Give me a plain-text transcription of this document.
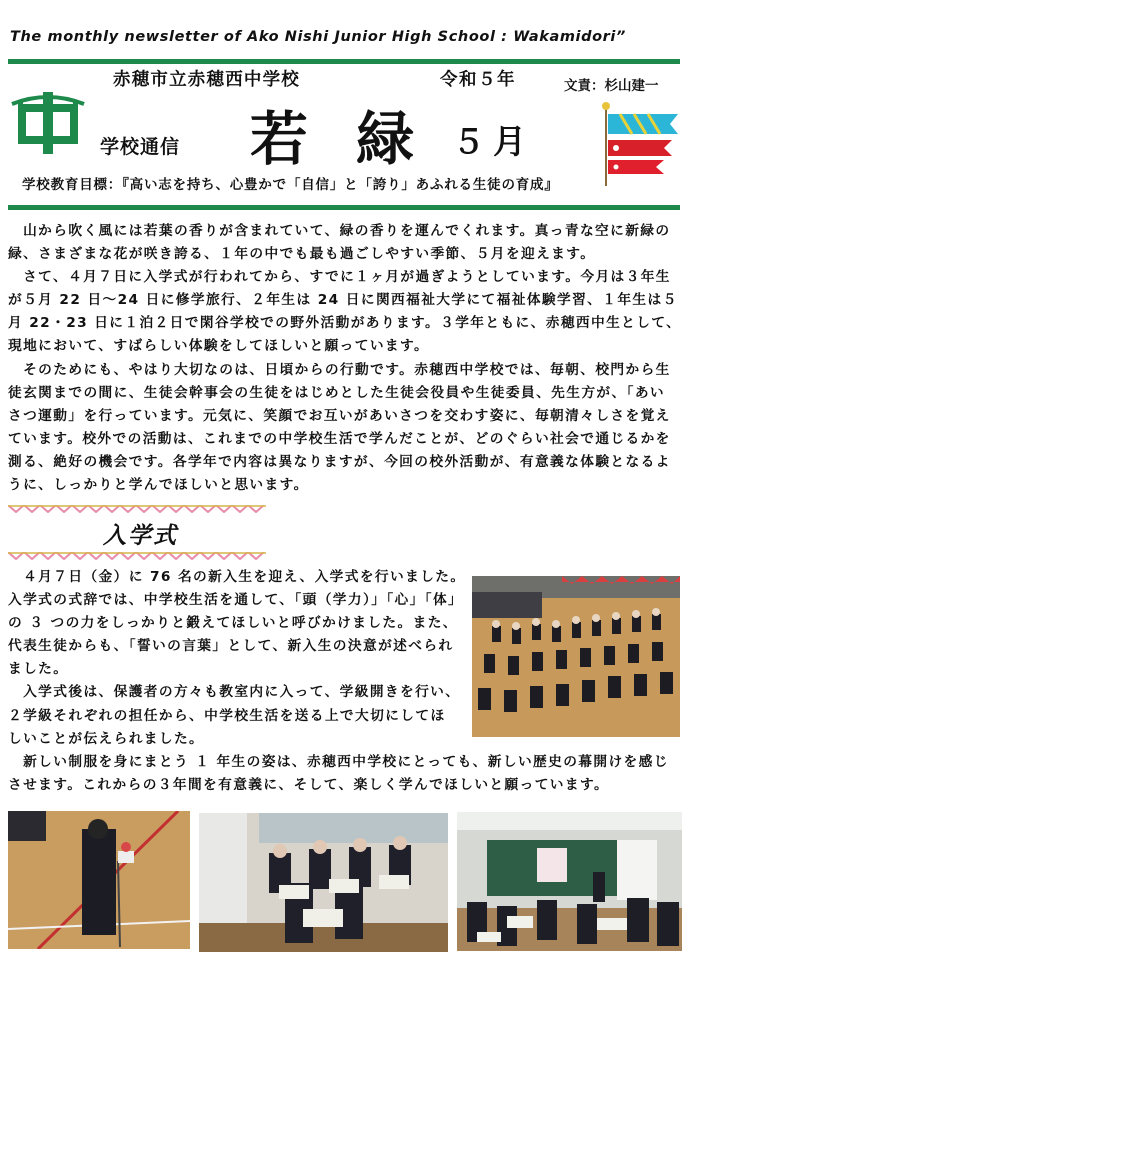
The monthly newsletter of Ako Nishi Junior High School : Wakamidori”
赤穂市立赤穂西中学校	令和５年	文責：杉山建一
学校通信 若緑
５月
学校教育目標：『高い志を持ち、心豊かで「自信」と「誇り」あふれる生徒の育成』

　山から吹く風には若葉の香りが含まれていて、緑の香りを運んでくれます。真っ青な空に新緑の

緑、さまざまな花が咲き誇る、１年の中でも最も過ごしやすい季節、５月を迎えます。

　さて、４月７日に入学式が行われてから、すでに１ヶ月が過ぎようとしています。今月は３年生

が５月 22 日～24 日に修学旅行、２年生は 24 日に関西福祉大学にて福祉体験学習、１年生は５

月 22・23 日に１泊２日で閑谷学校での野外活動があります。３学年ともに、赤穂西中生として、

現地において、すばらしい体験をしてほしいと願っています。

　そのためにも、やはり大切なのは、日頃からの行動です。赤穂西中学校では、毎朝、校門から生

徒玄関までの間に、生徒会幹事会の生徒をはじめとした生徒会役員や生徒委員、先生方が、「あい

さつ運動」を行っています。元気に、笑顔でお互いがあいさつを交わす姿に、毎朝清々しさを覚え

ています。校外での活動は、これまでの中学校生活で学んだことが、どのぐらい社会で通じるかを

測る、絶好の機会です。各学年で内容は異なりますが、今回の校外活動が、有意義な体験となるよ

うに、しっかりと学んでほしいと思います。

入学式

　４月７日（金）に 76 名の新入生を迎え、入学式を行いました。

入学式の式辞では、中学校生活を通して、「頭（学力）」「心」「体」

の ３ つの力をしっかりと鍛えてほしいと呼びかけました。また、

代表生徒からも、「誓いの言葉」として、新入生の決意が述べられ

ました。

　入学式後は、保護者の方々も教室内に入って、学級開きを行い、

２学級それぞれの担任から、中学校生活を送る上で大切にしてほ

しいことが伝えられました。

　新しい制服を身にまとう １ 年生の姿は、赤穂西中学校にとっても、新しい歴史の幕開けを感じ

させます。これからの３年間を有意義に、そして、楽しく学んでほしいと願っています。
